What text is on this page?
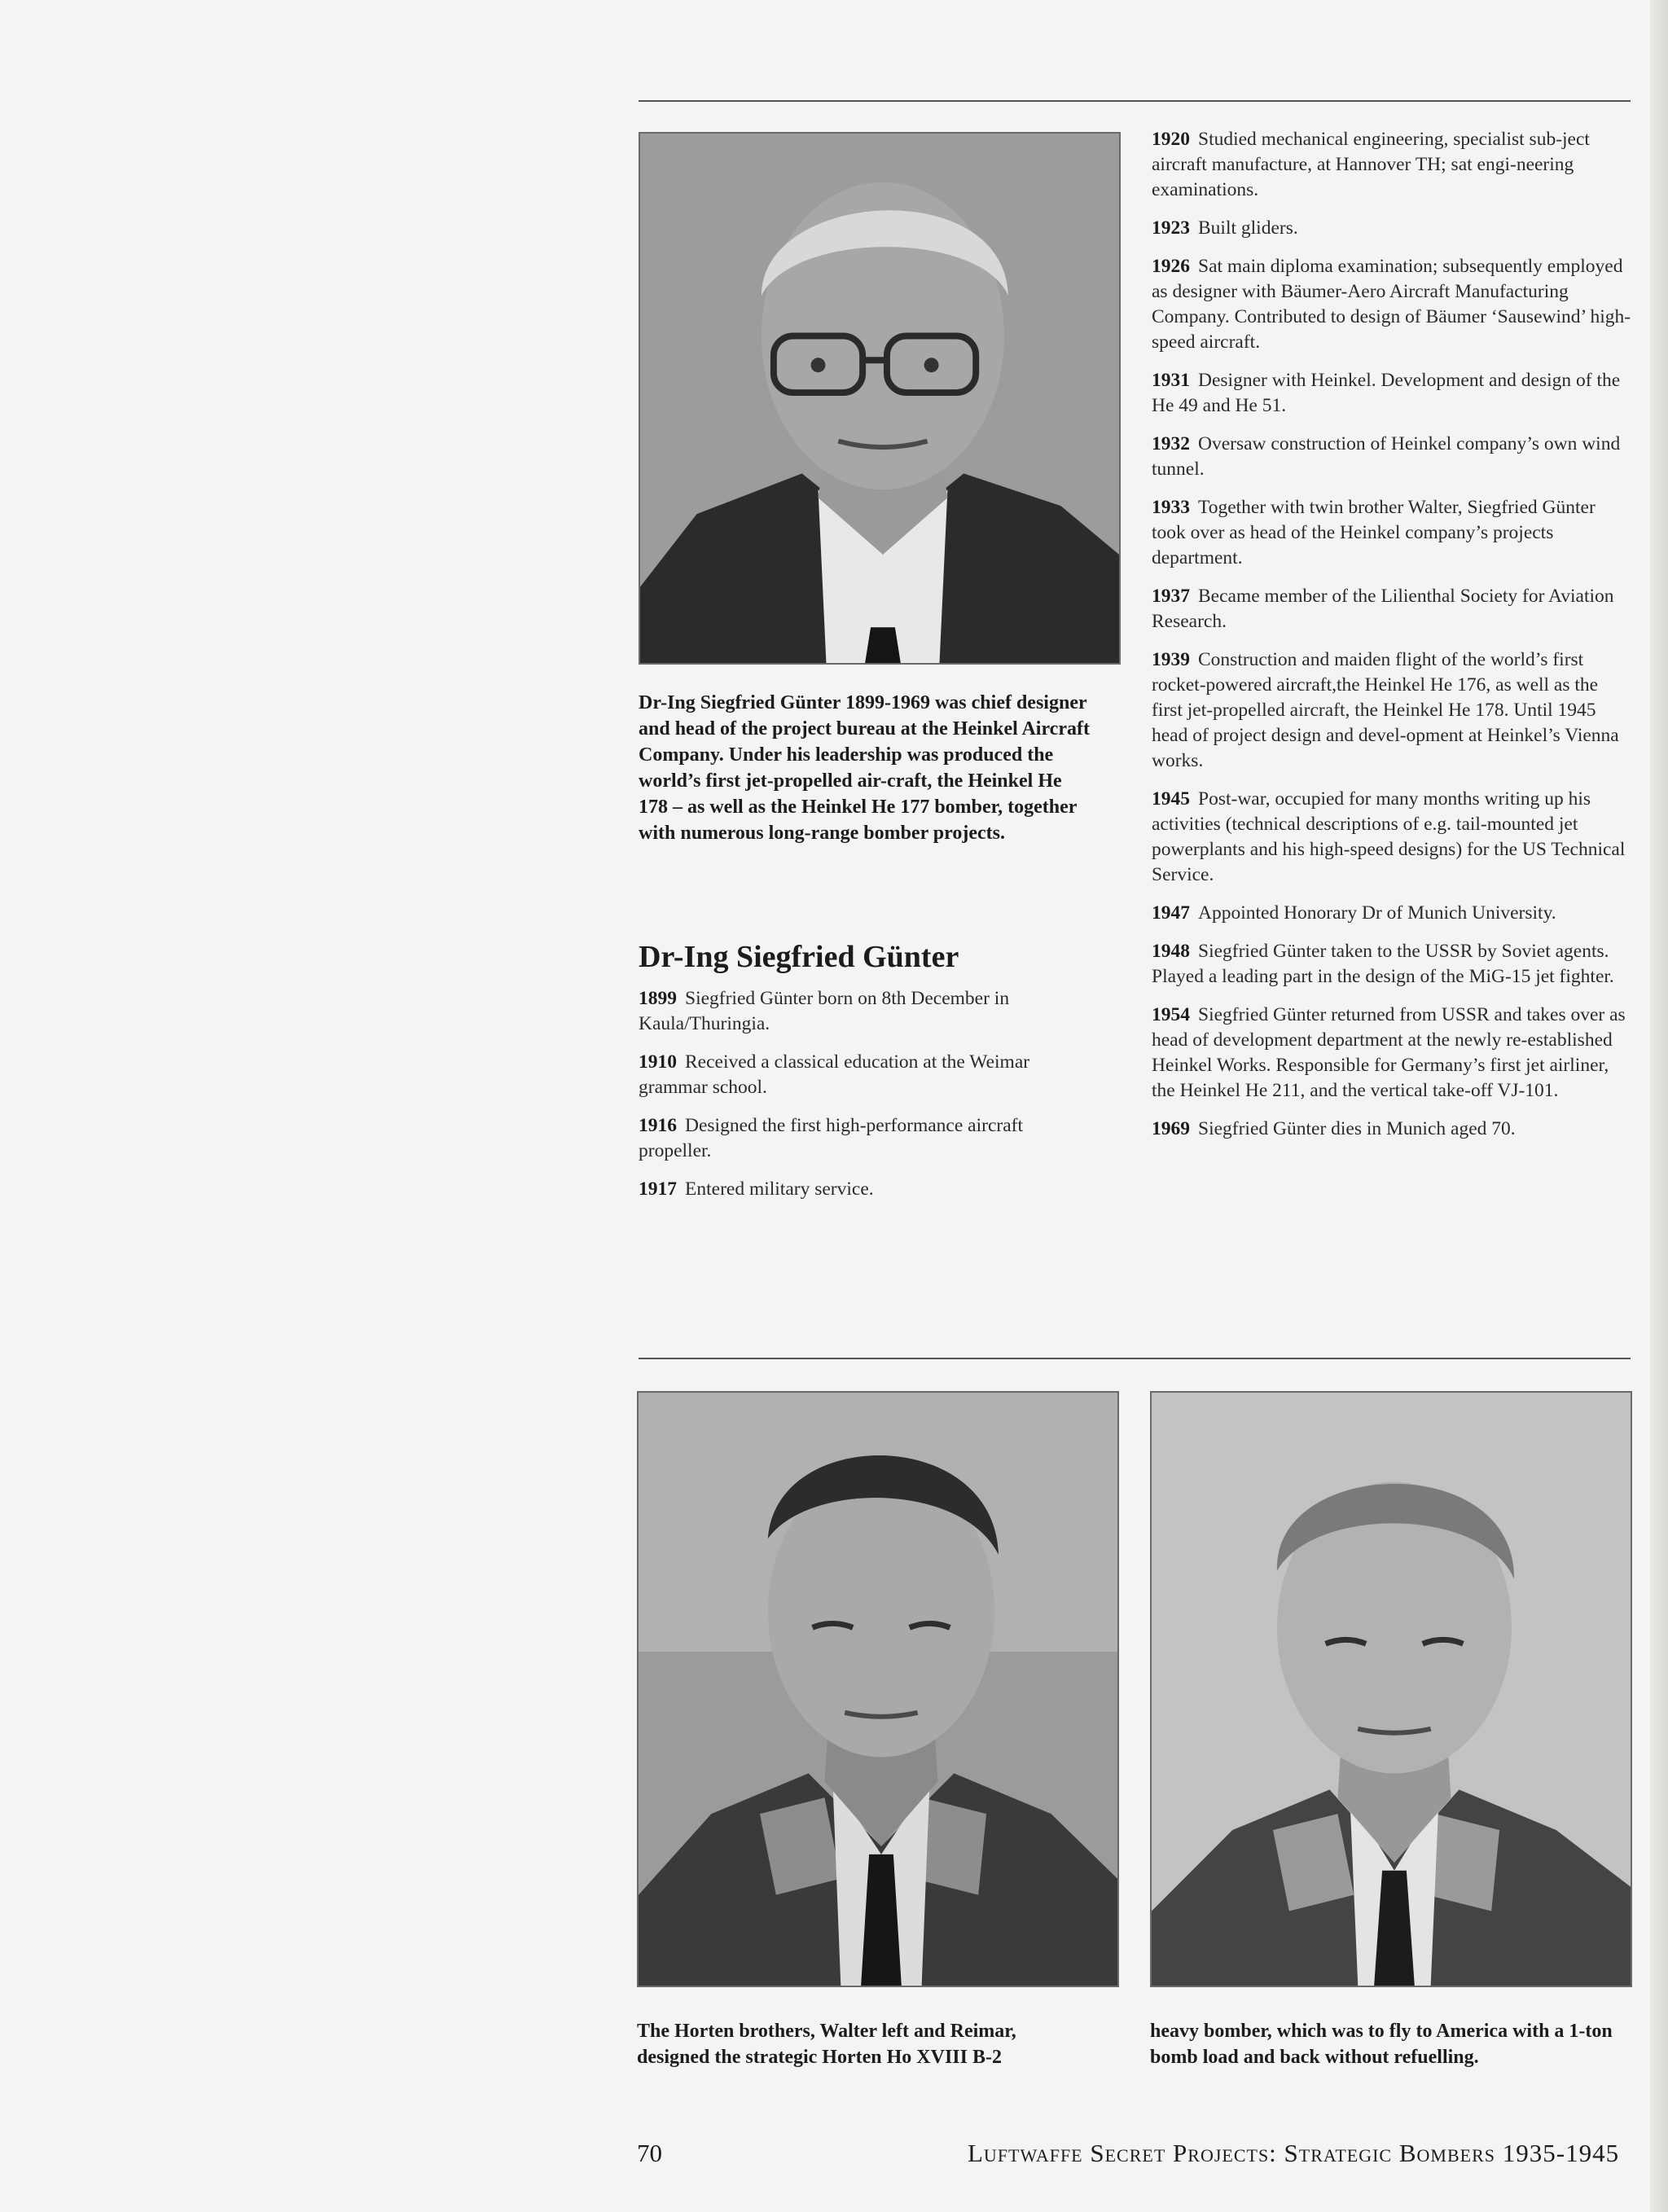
Dr-Ing Siegfried Günter 1899-1969 was chief designer and head of the project bureau at the Heinkel Aircraft Company. Under his leadership was produced the world’s first jet-propelled air-craft, the Heinkel He 178 – as well as the Heinkel He 177 bomber, together with numerous long-range bomber projects.
Dr-Ing Siegfried Günter

1899 Siegfried Günter born on 8th December in Kaula/Thuringia.

1910 Received a classical education at the Weimar grammar school.

1916 Designed the first high-performance aircraft propeller.

1917 Entered military service.

1920 Studied mechanical engineering, specialist sub-ject aircraft manufacture, at Hannover TH; sat engi-neering examinations.

1923 Built gliders.

1926 Sat main diploma examination; subsequently employed as designer with Bäumer-Aero Aircraft Manufacturing Company. Contributed to design of Bäumer ‘Sausewind’ high-speed aircraft.

1931 Designer with Heinkel. Development and design of the He 49 and He 51.

1932 Oversaw construction of Heinkel company’s own wind tunnel.

1933 Together with twin brother Walter, Siegfried Günter took over as head of the Heinkel company’s projects department.

1937 Became member of the Lilienthal Society for Aviation Research.

1939 Construction and maiden flight of the world’s first rocket-powered aircraft,the Heinkel He 176, as well as the first jet-propelled aircraft, the Heinkel He 178. Until 1945 head of project design and devel-opment at Heinkel’s Vienna works.

1945 Post-war, occupied for many months writing up his activities (technical descriptions of e.g. tail-mounted jet powerplants and his high-speed designs) for the US Technical Service.

1947 Appointed Honorary Dr of Munich University.

1948 Siegfried Günter taken to the USSR by Soviet agents. Played a leading part in the design of the MiG-15 jet fighter.

1954 Siegfried Günter returned from USSR and takes over as head of development department at the newly re-established Heinkel Works. Responsible for Germany’s first jet airliner, the Heinkel He 211, and the vertical take-off VJ-101.

1969 Siegfried Günter dies in Munich aged 70.

The Horten brothers, Walter left and Reimar, designed the strategic Horten Ho XVIII B-2
heavy bomber, which was to fly to America with a 1-ton bomb load and back without refuelling.
70	Luftwaffe Secret Projects: Strategic Bombers 1935-1945
